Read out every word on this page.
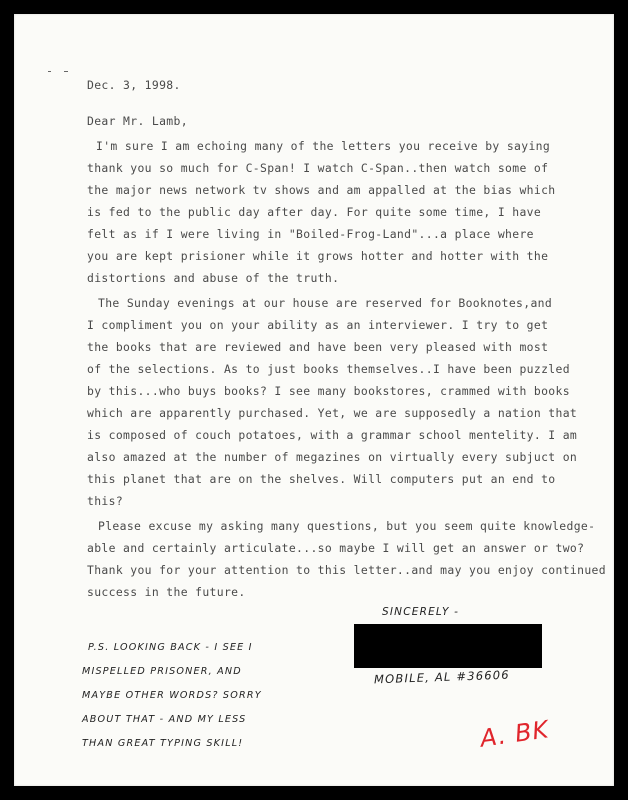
Dec. 3, 1998.
Dear Mr. Lamb,
I'm sure I am echoing many of the letters you receive by saying
thank you so much for C-Span! I watch C-Span..then watch some of
the major news network tv shows and am appalled at the bias which
is fed to the public day after day. For quite some time, I have
felt as if I were living in "Boiled-Frog-Land"...a place where
you are kept prisioner while it grows hotter and hotter with the
distortions and abuse of the truth.
The Sunday evenings at our house are reserved for Booknotes,and
I compliment you on your ability as an interviewer. I try to get
the books that are reviewed and have been very pleased with most
of the selections. As to just books themselves..I have been puzzled
by this...who buys books? I see many bookstores, crammed with books
which are apparently purchased. Yet, we are supposedly a nation that
is composed of couch potatoes, with a grammar school mentelity. I am
also amazed at the number of megazines on virtually every subjuct on
this planet that are on the shelves. Will computers put an end to
this?
Please excuse my asking many questions, but you seem quite knowledge-
able and certainly articulate...so maybe I will get an answer or two?
Thank you for your attention to this letter..and may you enjoy continued
success in the future.
SINCERELY -
MOBILE, AL #36606
P.S. LOOKING BACK - I SEE I
MISPELLED PRISONER, AND
MAYBE OTHER WORDS? SORRY
ABOUT THAT - AND MY LESS
THAN GREAT TYPING SKILL!	A. BK
